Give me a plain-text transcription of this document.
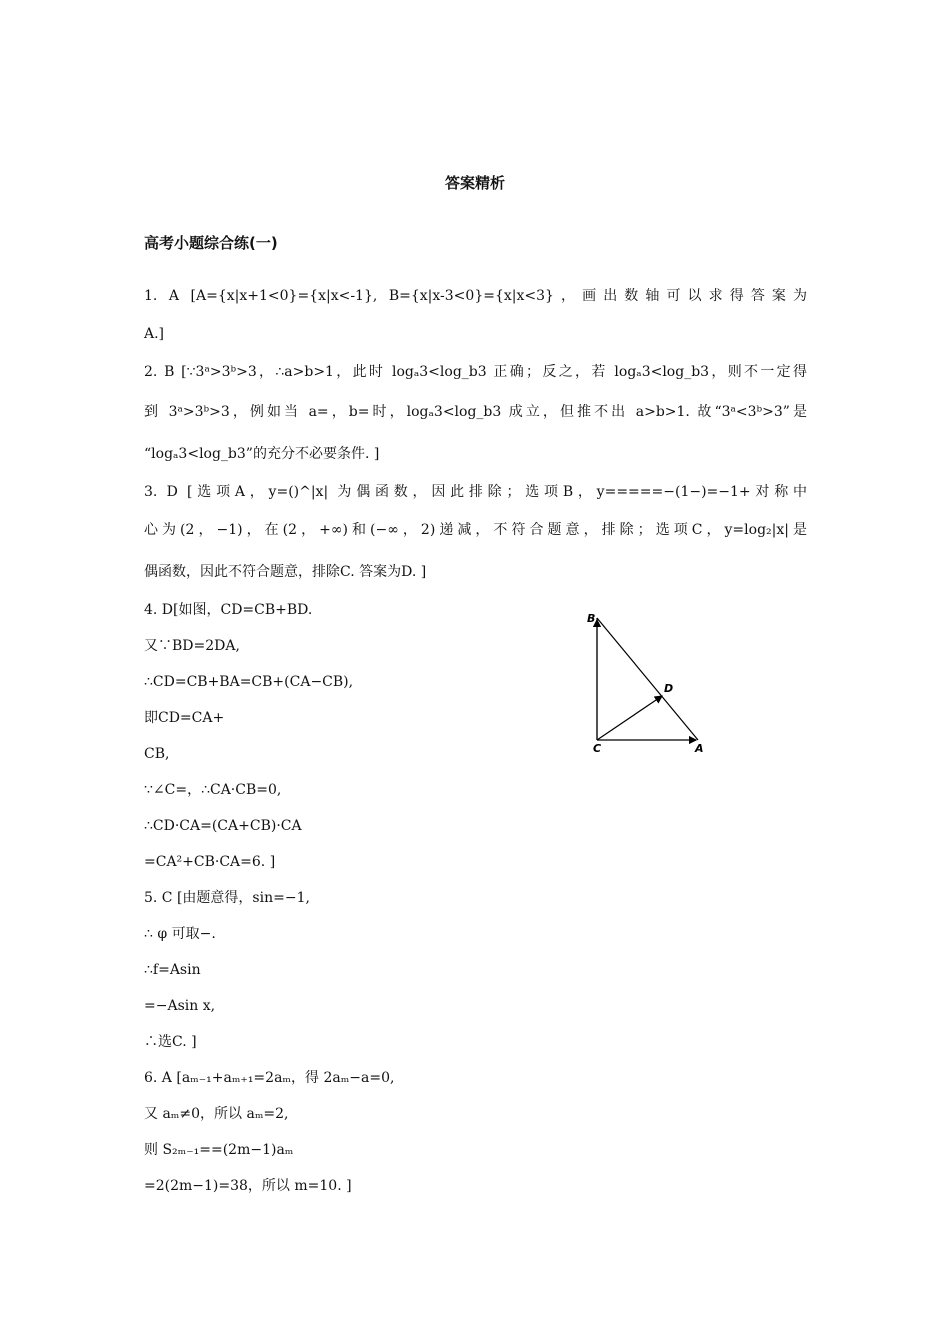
答案精析
高考小题综合练(一)
1. A [A={x|x+1<0}={x|x<-1}, B={x|x-3<0}={x|x<3}，画出数轴可以求得答案为
A.]
2. B [∵3ᵃ>3ᵇ>3，∴a>b>1，此时 logₐ3<log_b3 正确；反之，若 logₐ3<log_b3，则不一定得
到 3ᵃ>3ᵇ>3，例如当 a=，b=时，logₐ3<log_b3 成立，但推不出 a>b>1. 故“3ᵃ<3ᵇ>3”是
“logₐ3<log_b3”的充分不必要条件. ]
3. D [选项A，y=()^|x| 为偶函数，因此排除；选项B，y=====−(1−)=−1+对称中
心为(2，−1)，在(2，+∞)和(−∞，2)递减，不符合题意，排除；选项C，y=log₂|x|是
偶函数，因此不符合题意，排除C. 答案为D. ]
4. D[如图，CD=CB+BD.
又∵BD=2DA,
∴CD=CB+BA=CB+(CA−CB),
即CD=CA+
CB,
∵∠C=，∴CA·CB=0,
∴CD·CA=(CA+CB)·CA
=CA²+CB·CA=6. ]
5. C [由题意得，sin=−1,
∴ φ 可取−.
∴f=Asin
=−Asin x,
∴选C. ]
6. A [aₘ₋₁+aₘ₊₁=2aₘ，得 2aₘ−a=0,
又 aₘ≠0，所以 aₘ=2,
则 S₂ₘ₋₁==(2m−1)aₘ
=2(2m−1)=38，所以 m=10. ]
B
C	A
D
